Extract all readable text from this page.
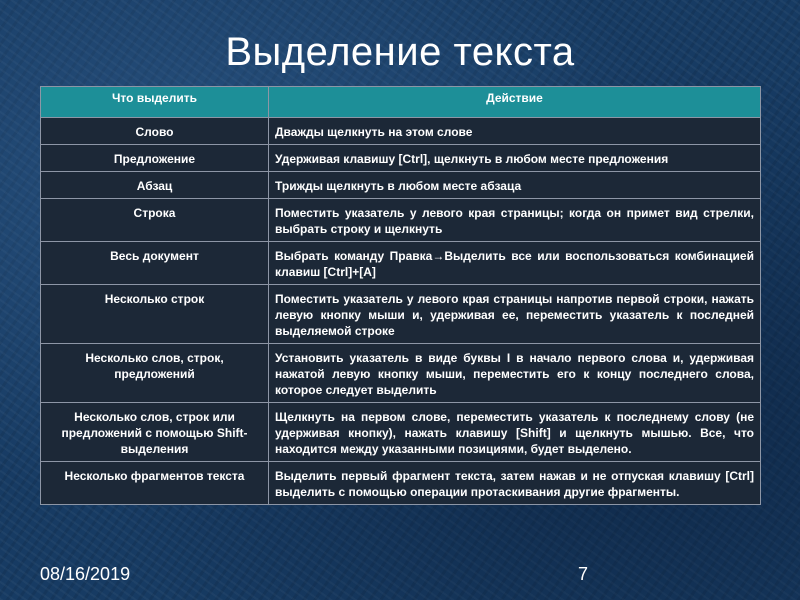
Выделение текста
Что выделить	Действие
Слово	Дважды щелкнуть на этом слове
Предложение	Удерживая клавишу [Ctrl], щелкнуть в любом месте предложения
Абзац	Трижды щелкнуть в любом месте абзаца
Строка	Поместить указатель у левого края страницы; когда он примет вид стрелки, выбрать строку и щелкнуть
Весь документ	Выбрать команду Правка→Выделить все или воспользоваться комбинацией клавиш [Ctrl]+[A]
Несколько строк	Поместить указатель у левого края страницы напротив первой строки, нажать левую кнопку мыши и, удерживая ее, переместить указатель к последней выделяемой строке
Несколько слов, строк, предложений	Установить указатель в виде буквы I в начало первого слова и, удерживая нажатой левую кнопку мыши, переместить его к концу последнего слова, которое следует выделить
Несколько слов, строк или предложений с помощью Shift-выделения	Щелкнуть на первом слове, переместить указатель к последнему слову (не удерживая кнопку), нажать клавишу [Shift] и щелкнуть мышью. Все, что находится между указанными позициями, будет выделено.
Несколько фрагментов текста	Выделить первый фрагмент текста, затем нажав и не отпуская клавишу [Ctrl] выделить с помощью операции протаскивания другие фрагменты.
08/16/2019	7
